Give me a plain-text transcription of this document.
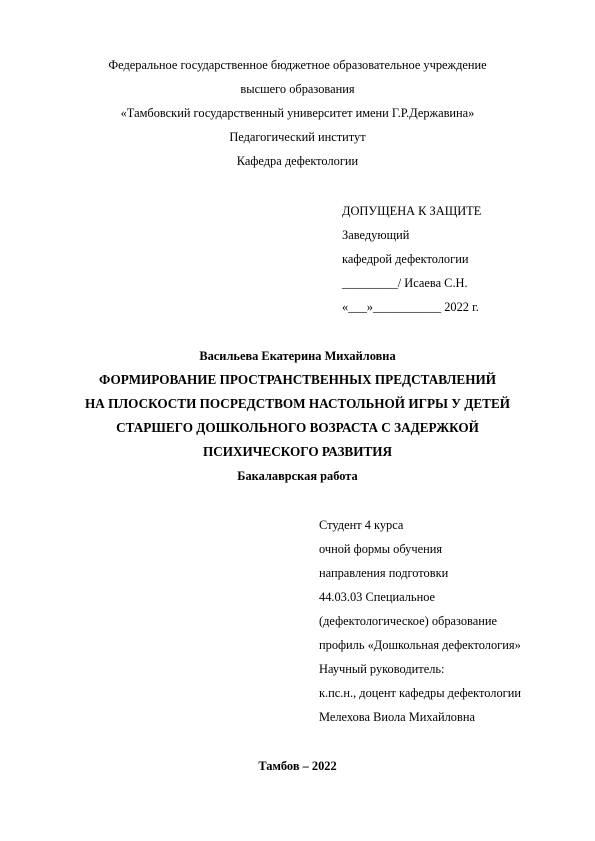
Федеральное государственное бюджетное образовательное учреждение
высшего образования
«Тамбовский государственный университет имени Г.Р.Державина»
Педагогический институт
Кафедра дефектологии
ДОПУЩЕНА К ЗАЩИТЕ
Заведующий
кафедрой дефектологии
_________/ Исаева С.Н.
«___»___________ 2022 г.
Васильева Екатерина Михайловна
ФОРМИРОВАНИЕ ПРОСТРАНСТВЕННЫХ ПРЕДСТАВЛЕНИЙ
НА ПЛОСКОСТИ ПОСРЕДСТВОМ НАСТОЛЬНОЙ ИГРЫ У ДЕТЕЙ
СТАРШЕГО ДОШКОЛЬНОГО ВОЗРАСТА С ЗАДЕРЖКОЙ
ПСИХИЧЕСКОГО РАЗВИТИЯ
Бакалаврская работа
Студент 4 курса
очной формы обучения
направления подготовки
44.03.03 Специальное
(дефектологическое) образование
профиль «Дошкольная дефектология»
Научный руководитель:
к.пс.н., доцент кафедры дефектологии
Мелехова Виола Михайловна
Тамбов – 2022
